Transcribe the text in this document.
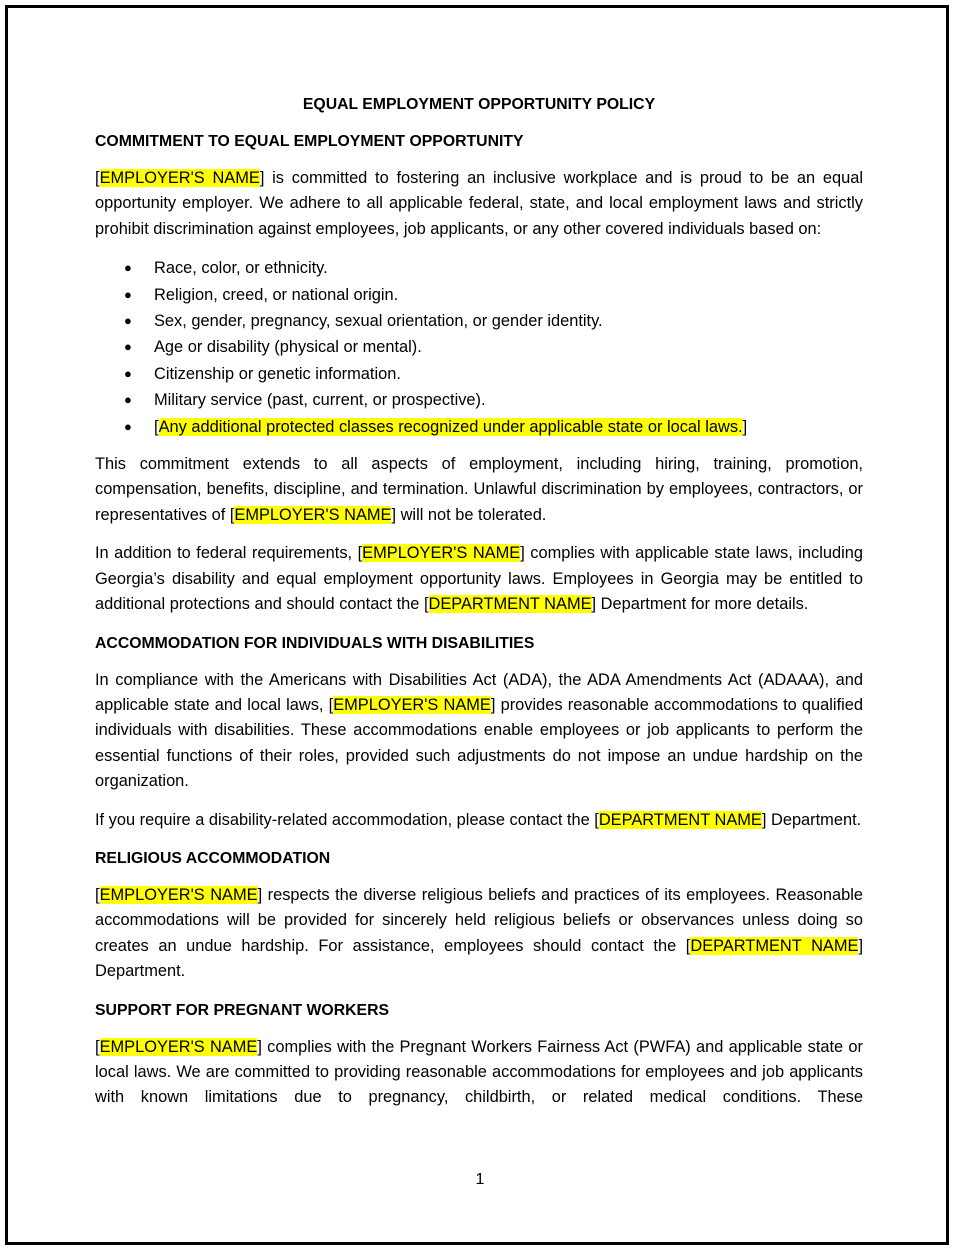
EQUAL EMPLOYMENT OPPORTUNITY POLICY
COMMITMENT TO EQUAL EMPLOYMENT OPPORTUNITY

[EMPLOYER'S NAME] is committed to fostering an inclusive workplace and is proud to be an equal opportunity employer. We adhere to all applicable federal, state, and local employment laws and strictly prohibit discrimination against employees, job applicants, or any other covered individuals based on:

● Race, color, or ethnicity.
● Religion, creed, or national origin.
● Sex, gender, pregnancy, sexual orientation, or gender identity.
● Age or disability (physical or mental).
● Citizenship or genetic information.
● Military service (past, current, or prospective).
● [Any additional protected classes recognized under applicable state or local laws.]

This commitment extends to all aspects of employment, including hiring, training, promotion, compensation, benefits, discipline, and termination. Unlawful discrimination by employees, contractors, or representatives of [EMPLOYER'S NAME] will not be tolerated.

In addition to federal requirements, [EMPLOYER'S NAME] complies with applicable state laws, including Georgia’s disability and equal employment opportunity laws. Employees in Georgia may be entitled to additional protections and should contact the [DEPARTMENT NAME] Department for more details.

ACCOMMODATION FOR INDIVIDUALS WITH DISABILITIES

In compliance with the Americans with Disabilities Act (ADA), the ADA Amendments Act (ADAAA), and applicable state and local laws, [EMPLOYER'S NAME] provides reasonable accommodations to qualified individuals with disabilities. These accommodations enable employees or job applicants to perform the essential functions of their roles, provided such adjustments do not impose an undue hardship on the organization.

If you require a disability-related accommodation, please contact the [DEPARTMENT NAME] Department.

RELIGIOUS ACCOMMODATION

[EMPLOYER'S NAME] respects the diverse religious beliefs and practices of its employees. Reasonable accommodations will be provided for sincerely held religious beliefs or observances unless doing so creates an undue hardship. For assistance, employees should contact the [DEPARTMENT NAME] Department.

SUPPORT FOR PREGNANT WORKERS

[EMPLOYER'S NAME] complies with the Pregnant Workers Fairness Act (PWFA) and applicable state or local laws. We are committed to providing reasonable accommodations for employees and job applicants with known limitations due to pregnancy, childbirth, or related medical conditions. These

1
